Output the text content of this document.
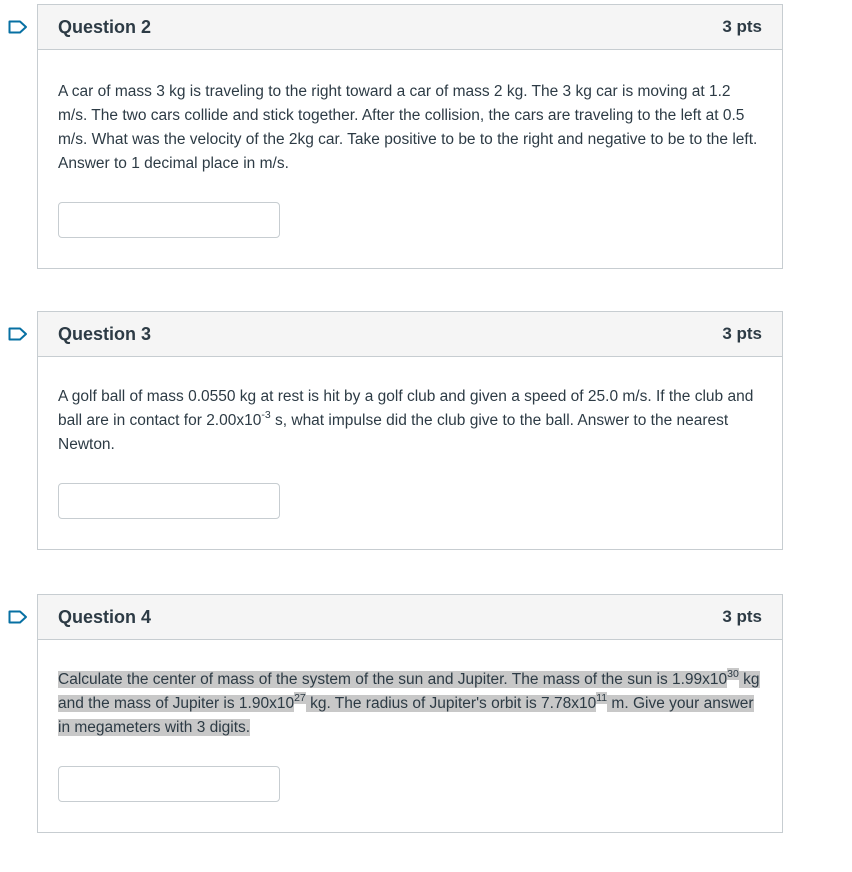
Question 2	3 pts

A car of mass 3 kg is traveling to the right toward a car of mass 2 kg. The 3 kg car is moving at 1.2 m/s. The two cars collide and stick together. After the collision, the cars are traveling to the left at 0.5 m/s. What was the velocity of the 2kg car. Take positive to be to the right and negative to be to the left. Answer to 1 decimal place in m/s.

Question 3	3 pts

A golf ball of mass 0.0550 kg at rest is hit by a golf club and given a speed of 25.0 m/s. If the club and ball are in contact for $2.00x10^{-3}$ s, what impulse did the club give to the ball. Answer to the nearest Newton.

Question 4	3 pts

Calculate the center of mass of the system of the sun and Jupiter. The mass of the sun is $1.99x10^{30}$ kg and the mass of Jupiter is $1.90x10^{27}$ kg. The radius of Jupiter's orbit is $7.78x10^{11}$ m. Give your answer in megameters with 3 digits.
